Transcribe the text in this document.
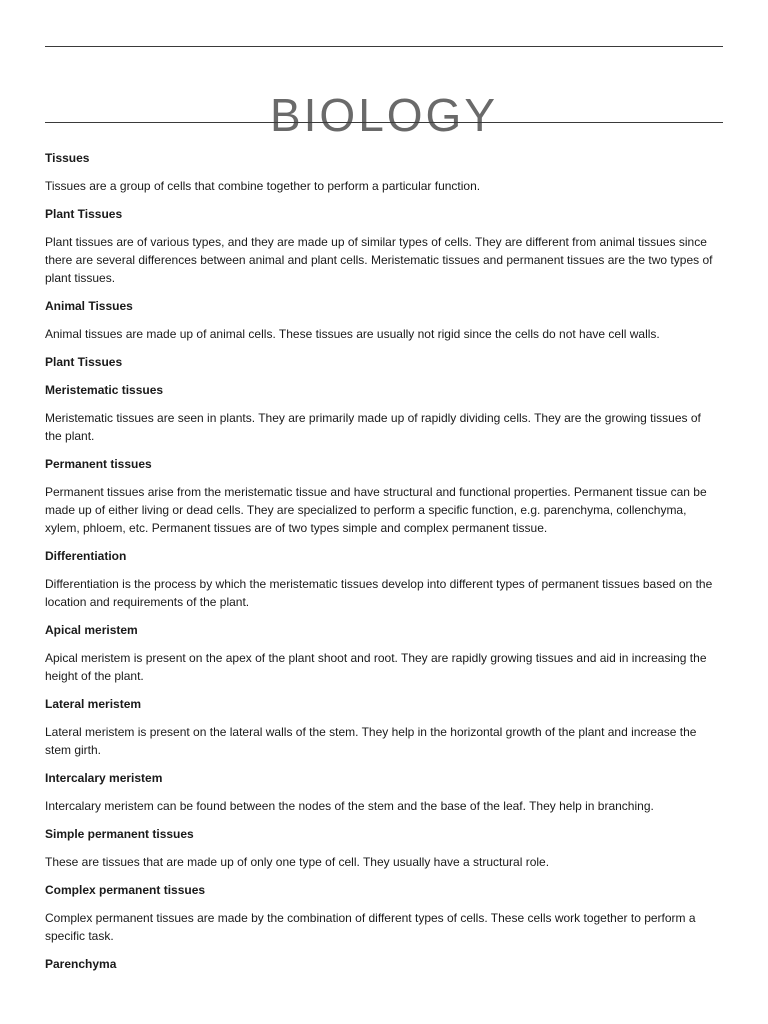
BIOLOGY

Tissues

Tissues are a group of cells that combine together to perform a particular function.

Plant Tissues

Plant tissues are of various types, and they are made up of similar types of cells. They are different from animal tissues since there are several differences between animal and plant cells. Meristematic tissues and permanent tissues are the two types of plant tissues.

Animal Tissues

Animal tissues are made up of animal cells. These tissues are usually not rigid since the cells do not have cell walls.

Plant Tissues

Meristematic tissues

Meristematic tissues are seen in plants. They are primarily made up of rapidly dividing cells. They are the growing tissues of the plant.

Permanent tissues

Permanent tissues arise from the meristematic tissue and have structural and functional properties. Permanent tissue can be made up of either living or dead cells. They are specialized to perform a specific function, e.g. parenchyma, collenchyma, xylem, phloem, etc. Permanent tissues are of two types simple and complex permanent tissue.

Differentiation

Differentiation is the process by which the meristematic tissues develop into different types of permanent tissues based on the location and requirements of the plant.

Apical meristem

Apical meristem is present on the apex of the plant shoot and root. They are rapidly growing tissues and aid in increasing the height of the plant.

Lateral meristem

Lateral meristem is present on the lateral walls of the stem. They help in the horizontal growth of the plant and increase the stem girth.

Intercalary meristem

Intercalary meristem can be found between the nodes of the stem and the base of the leaf. They help in branching.

Simple permanent tissues

These are tissues that are made up of only one type of cell. They usually have a structural role.

Complex permanent tissues

Complex permanent tissues are made by the combination of different types of cells. These cells work together to perform a specific task.

Parenchyma
